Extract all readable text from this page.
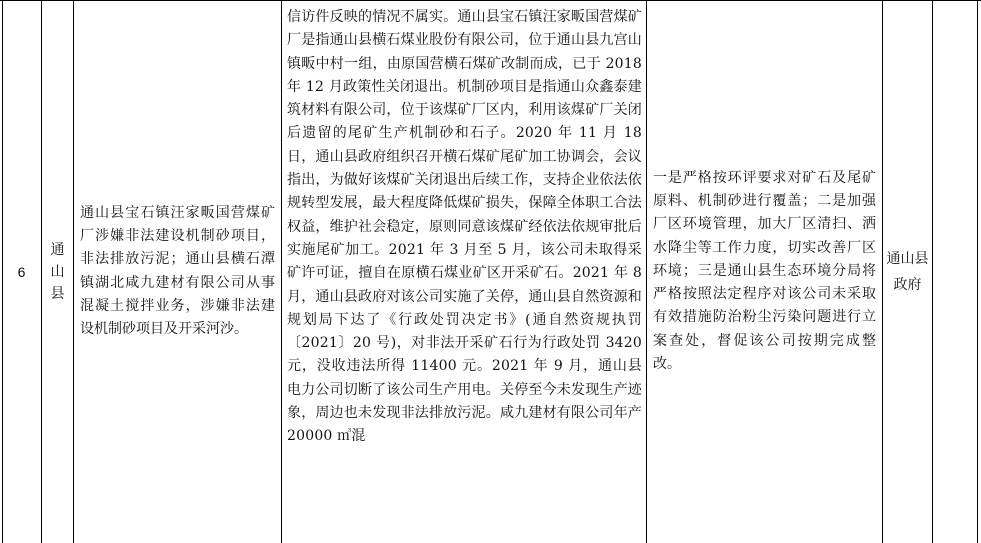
6
通山县
通山县宝石镇汪家畈国营煤矿厂涉嫌非法建设机制砂项目，非法排放污泥；通山县横石潭镇湖北咸九建材有限公司从事混凝土搅拌业务，涉嫌非法建设机制砂项目及开采河沙。
信访件反映的情况不属实。通山县宝石镇汪家畈国营煤矿厂是指通山县横石煤业股份有限公司，位于通山县九宫山镇畈中村一组，由原国营横石煤矿改制而成，已于 2018 年 12 月政策性关闭退出。机制砂项目是指通山众鑫泰建筑材料有限公司，位于该煤矿厂区内，利用该煤矿厂关闭后遗留的尾矿生产机制砂和石子。2020 年 11 月 18 日，通山县政府组织召开横石煤矿尾矿加工协调会，会议指出，为做好该煤矿关闭退出后续工作，支持企业依法依规转型发展，最大程度降低煤矿损失，保障全体职工合法权益，维护社会稳定，原则同意该煤矿经依法依规审批后实施尾矿加工。2021 年 3 月至 5 月，该公司未取得采矿许可证，擅自在原横石煤业矿区开采矿石。2021 年 8 月，通山县政府对该公司实施了关停，通山县自然资源和规划局下达了《行政处罚决定书》(通自然资规执罚〔2021〕20 号)，对非法开采矿石行为行政处罚 3420 元，没收违法所得 11400 元。2021 年 9 月，通山县电力公司切断了该公司生产用电。关停至今未发现生产迹象，周边也未发现非法排放污泥。咸九建材有限公司年产 20000 ㎥混
一是严格按环评要求对矿石及尾矿原料、机制砂进行覆盖；二是加强厂区环境管理，加大厂区清扫、洒水降尘等工作力度，切实改善厂区环境；三是通山县生态环境分局将严格按照法定程序对该公司未采取有效措施防治粉尘污染问题进行立案查处，督促该公司按期完成整改。
通山县政府
